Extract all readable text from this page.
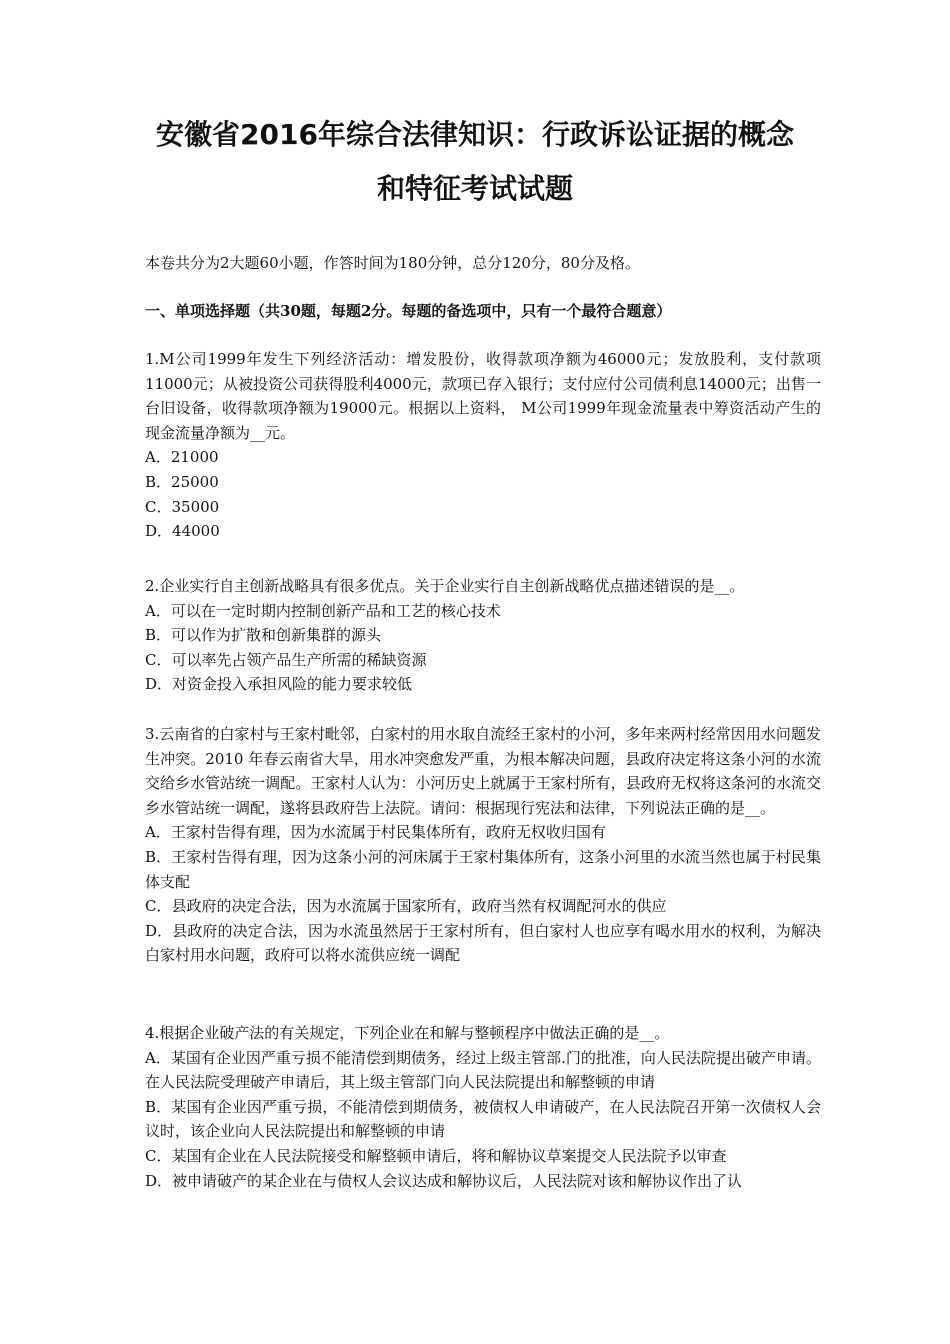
安徽省2016年综合法律知识：行政诉讼证据的概念
和特征考试试题

本卷共分为2大题60小题，作答时间为180分钟，总分120分，80分及格。

一、单项选择题（共30题，每题2分。每题的备选项中，只有一个最符合题意）

1.M公司1999年发生下列经济活动：增发股份，收得款项净额为46000元；发放股利，支付款项 11000元；从被投资公司获得股利4000元，款项已存入银行；支付应付公司债利息14000元；出售一台旧设备，收得款项净额为19000元。根据以上资料， M公司1999年现金流量表中筹资活动产生的现金流量净额为__元。

A．21000
B．25000
C．35000
D．44000

2.企业实行自主创新战略具有很多优点。关于企业实行自主创新战略优点描述错误的是__。

A．可以在一定时期内控制创新产品和工艺的核心技术
B．可以作为扩散和创新集群的源头
C．可以率先占领产品生产所需的稀缺资源
D．对资金投入承担风险的能力要求较低

3.云南省的白家村与王家村毗邻，白家村的用水取自流经王家村的小河，多年来两村经常因用水问题发生冲突。2010 年春云南省大旱，用水冲突愈发严重，为根本解决问题，县政府决定将这条小河的水流交给乡水管站统一调配。王家村人认为：小河历史上就属于王家村所有，县政府无权将这条河的水流交乡水管站统一调配，遂将县政府告上法院。请问：根据现行宪法和法律，下列说法正确的是__。

A．王家村告得有理，因为水流属于村民集体所有，政府无权收归国有
B．王家村告得有理，因为这条小河的河床属于王家村集体所有，这条小河里的水流当然也属于村民集体支配
C．县政府的决定合法，因为水流属于国家所有，政府当然有权调配河水的供应
D．县政府的决定合法，因为水流虽然居于王家村所有，但白家村人也应享有喝水用水的权利，为解决白家村用水问题，政府可以将水流供应统一调配

4.根据企业破产法的有关规定，下列企业在和解与整顿程序中做法正确的是__。

A．某国有企业因严重亏损不能清偿到期债务，经过上级主管部.门的批准，向人民法院提出破产申请。在人民法院受理破产申请后，其上级主管部门向人民法院提出和解整顿的申请
B．某国有企业因严重亏损，不能清偿到期债务，被债权人申请破产，在人民法院召开第一次债权人会议时，该企业向人民法院提出和解整顿的申请
C．某国有企业在人民法院接受和解整顿申请后，将和解协议草案提交人民法院予以审查
D．被申请破产的某企业在与债权人会议达成和解协议后，人民法院对该和解协议作出了认
